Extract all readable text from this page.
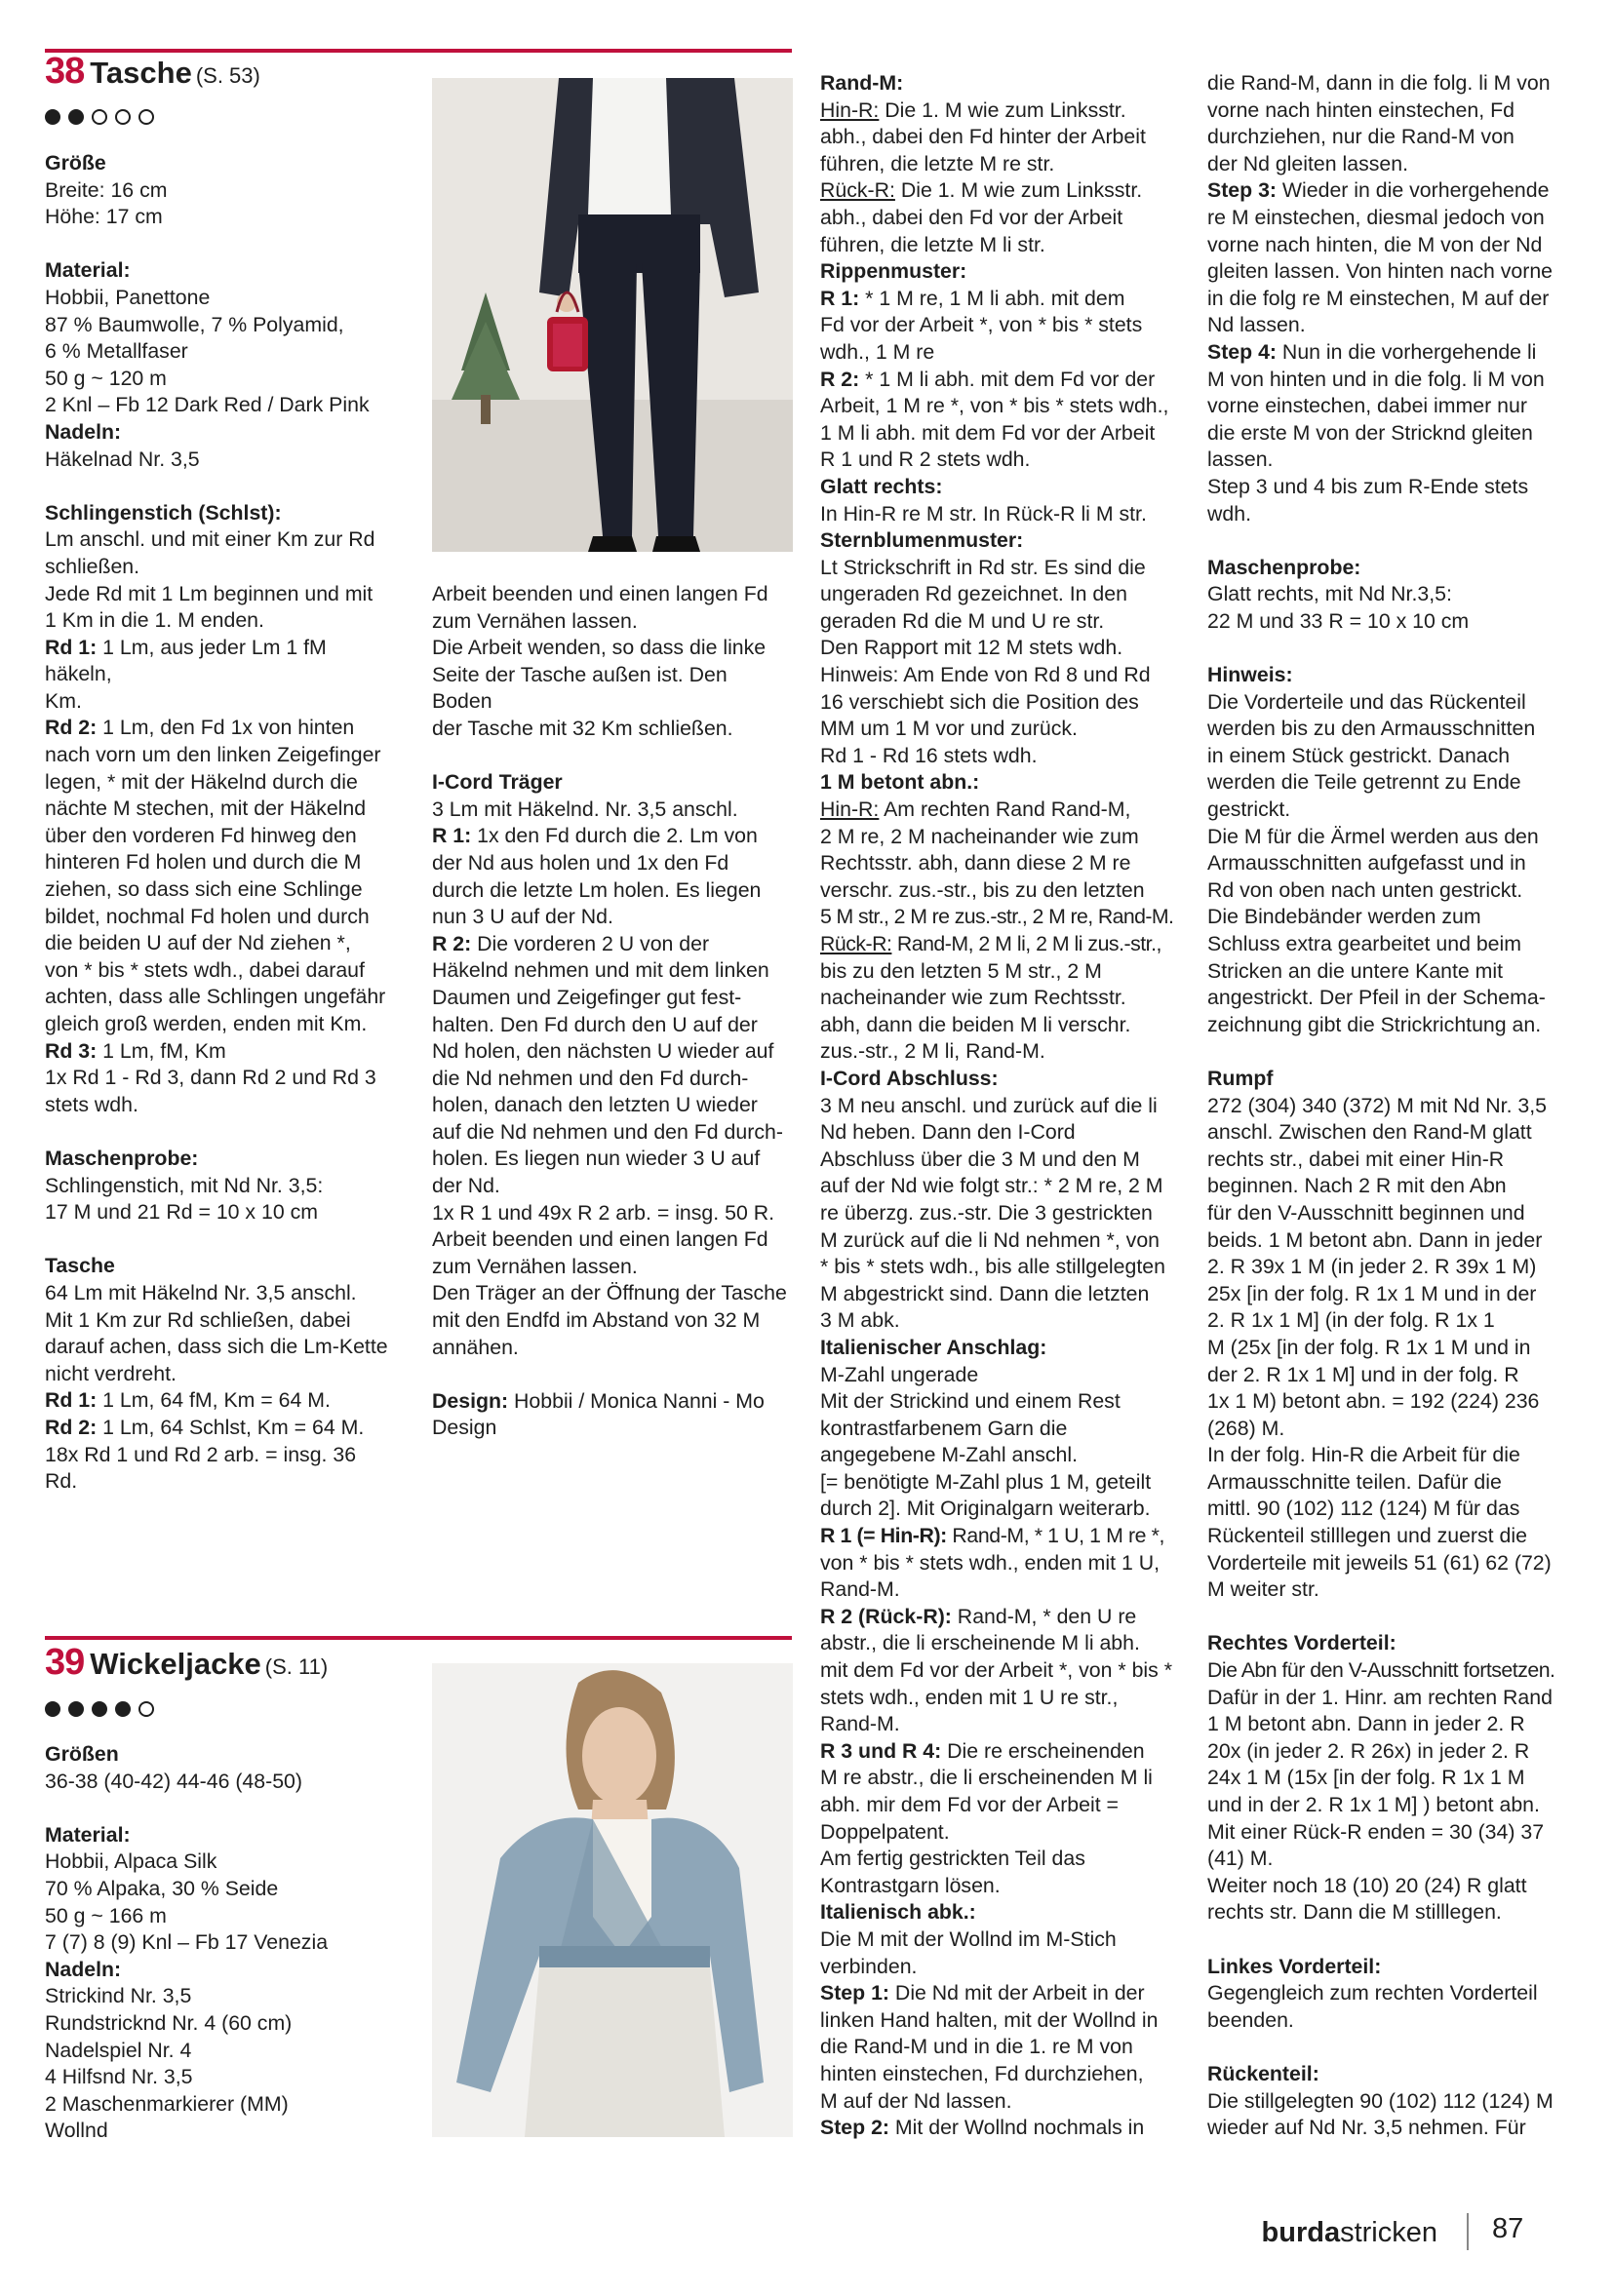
38 Tasche (S. 53)

Größe

Breite: 16 cm

Höhe: 17 cm

Material:

Hobbii, Panettone

87 % Baumwolle, 7 % Polyamid,

6 % Metallfaser

50 g ~ 120 m

2 Knl – Fb 12 Dark Red / Dark Pink

Nadeln:

Häkelnad Nr. 3,5

Schlingenstich (Schlst):

Lm anschl. und mit einer Km zur Rd

schließen.

Jede Rd mit 1 Lm beginnen und mit

1 Km in die 1. M enden.

Rd 1: 1 Lm, aus jeder Lm 1 fM häkeln,

Km.

Rd 2: 1 Lm, den Fd 1x von hinten

nach vorn um den linken Zeigefinger

legen, * mit der Häkelnd durch die

nächte M stechen, mit der Häkelnd

über den vorderen Fd hinweg den

hinteren Fd holen und durch die M

ziehen, so dass sich eine Schlinge

bildet, nochmal Fd holen und durch

die beiden U auf der Nd ziehen *,

von * bis * stets wdh., dabei darauf

achten, dass alle Schlingen ungefähr

gleich groß werden, enden mit Km.

Rd 3: 1 Lm, fM, Km

1x Rd 1 - Rd 3, dann Rd 2 und Rd 3

stets wdh.

Maschenprobe:

Schlingenstich, mit Nd Nr. 3,5:

17 M und 21 Rd = 10 x 10 cm

Tasche

64 Lm mit Häkelnd Nr. 3,5 anschl.

Mit 1 Km zur Rd schließen, dabei

darauf achen, dass sich die Lm-Kette

nicht verdreht.

Rd 1: 1 Lm, 64 fM, Km = 64 M.

Rd 2: 1 Lm, 64 Schlst, Km = 64 M.

18x Rd 1 und Rd 2 arb. = insg. 36

Rd.

Arbeit beenden und einen langen Fd

zum Vernähen lassen.

Die Arbeit wenden, so dass die linke

Seite der Tasche außen ist. Den Boden

der Tasche mit 32 Km schließen.

I-Cord Träger

3 Lm mit Häkelnd. Nr. 3,5 anschl.

R 1: 1x den Fd durch die 2. Lm von

der Nd aus holen und 1x den Fd

durch die letzte Lm holen. Es liegen

nun 3 U auf der Nd.

R 2: Die vorderen 2 U von der

Häkelnd nehmen und mit dem linken

Daumen und Zeigefinger gut fest-

halten. Den Fd durch den U auf der

Nd holen, den nächsten U wieder auf

die Nd nehmen und den Fd durch-

holen, danach den letzten U wieder

auf die Nd nehmen und den Fd durch-

holen. Es liegen nun wieder 3 U auf

der Nd.

1x R 1 und 49x R 2 arb. = insg. 50 R.

Arbeit beenden und einen langen Fd

zum Vernähen lassen.

Den Träger an der Öffnung der Tasche

mit den Endfd im Abstand von 32 M

annähen.

Design: Hobbii / Monica Nanni - Mo

Design

Rand-M:

Hin-R: Die 1. M wie zum Linksstr.

abh., dabei den Fd hinter der Arbeit

führen, die letzte M re str.

Rück-R: Die 1. M wie zum Linksstr.

abh., dabei den Fd vor der Arbeit

führen, die letzte M li str.

Rippenmuster:

R 1: * 1 M re, 1 M li abh. mit dem

Fd vor der Arbeit *, von * bis * stets

wdh., 1 M re

R 2: * 1 M li abh. mit dem Fd vor der

Arbeit, 1 M re *, von * bis * stets wdh.,

1 M li abh. mit dem Fd vor der Arbeit

R 1 und R 2 stets wdh.

Glatt rechts:

In Hin-R re M str. In Rück-R li M str.

Sternblumenmuster:

Lt Strickschrift in Rd str. Es sind die

ungeraden Rd gezeichnet. In den

geraden Rd die M und U re str.

Den Rapport mit 12 M stets wdh.

Hinweis: Am Ende von Rd 8 und Rd

16 verschiebt sich die Position des

MM um 1 M vor und zurück.

Rd 1 - Rd 16 stets wdh.

1 M betont abn.:

Hin-R: Am rechten Rand Rand-M,

2 M re, 2 M nacheinander wie zum

Rechtsstr. abh, dann diese 2 M re

verschr. zus.-str., bis zu den letzten

5 M str., 2 M re zus.-str., 2 M re, Rand-M.

Rück-R: Rand-M, 2 M li, 2 M li zus.-str.,

bis zu den letzten 5 M str., 2 M

nacheinander wie zum Rechtsstr.

abh, dann die beiden M li verschr.

zus.-str., 2 M li, Rand-M.

I-Cord Abschluss:

3 M neu anschl. und zurück auf die li

Nd heben. Dann den I-Cord

Abschluss über die 3 M und den M

auf der Nd wie folgt str.: * 2 M re, 2 M

re überzg. zus.-str. Die 3 gestrickten

M zurück auf die li Nd nehmen *, von

* bis * stets wdh., bis alle stillgelegten

M abgestrickt sind. Dann die letzten

3 M abk.

Italienischer Anschlag:

M-Zahl ungerade

Mit der Strickind und einem Rest

kontrastfarbenem Garn die

angegebene M-Zahl anschl.

[= benötigte M-Zahl plus 1 M, geteilt

durch 2]. Mit Originalgarn weiterarb.

R 1 (= Hin-R): Rand-M, * 1 U, 1 M re *,

von * bis * stets wdh., enden mit 1 U,

Rand-M.

R 2 (Rück-R): Rand-M, * den U re

abstr., die li erscheinende M li abh.

mit dem Fd vor der Arbeit *, von * bis *

stets wdh., enden mit 1 U re str.,

Rand-M.

R 3 und R 4: Die re erscheinenden

M re abstr., die li erscheinenden M li

abh. mir dem Fd vor der Arbeit =

Doppelpatent.

Am fertig gestrickten Teil das

Kontrastgarn lösen.

Italienisch abk.:

Die M mit der Wollnd im M-Stich

verbinden.

Step 1: Die Nd mit der Arbeit in der

linken Hand halten, mit der Wollnd in

die Rand-M und in die 1. re M von

hinten einstechen, Fd durchziehen,

M auf der Nd lassen.

Step 2: Mit der Wollnd nochmals in

die Rand-M, dann in die folg. li M von

vorne nach hinten einstechen, Fd

durchziehen, nur die Rand-M von

der Nd gleiten lassen.

Step 3: Wieder in die vorhergehende

re M einstechen, diesmal jedoch von

vorne nach hinten, die M von der Nd

gleiten lassen. Von hinten nach vorne

in die folg re M einstechen, M auf der

Nd lassen.

Step 4: Nun in die vorhergehende li

M von hinten und in die folg. li M von

vorne einstechen, dabei immer nur

die erste M von der Stricknd gleiten

lassen.

Step 3 und 4 bis zum R-Ende stets

wdh.

Maschenprobe:

Glatt rechts, mit Nd Nr.3,5:

22 M und 33 R = 10 x 10 cm

Hinweis:

Die Vorderteile und das Rückenteil

werden bis zu den Armausschnitten

in einem Stück gestrickt. Danach

werden die Teile getrennt zu Ende

gestrickt.

Die M für die Ärmel werden aus den

Armausschnitten aufgefasst und in

Rd von oben nach unten gestrickt.

Die Bindebänder werden zum

Schluss extra gearbeitet und beim

Stricken an die untere Kante mit

angestrickt. Der Pfeil in der Schema-

zeichnung gibt die Strickrichtung an.

Rumpf

272 (304) 340 (372) M mit Nd Nr. 3,5

anschl. Zwischen den Rand-M glatt

rechts str., dabei mit einer Hin-R

beginnen. Nach 2 R mit den Abn

für den V-Ausschnitt beginnen und

beids. 1 M betont abn. Dann in jeder

2. R 39x 1 M (in jeder 2. R 39x 1 M)

25x [in der folg. R 1x 1 M und in der

2. R 1x 1 M] (in der folg. R 1x 1

M (25x [in der folg. R 1x 1 M und in

der 2. R 1x 1 M] und in der folg. R

1x 1 M) betont abn. = 192 (224) 236

(268) M.

In der folg. Hin-R die Arbeit für die

Armausschnitte teilen. Dafür die

mittl. 90 (102) 112 (124) M für das

Rückenteil stilllegen und zuerst die

Vorderteile mit jeweils 51 (61) 62 (72)

M weiter str.

Rechtes Vorderteil:

Die Abn für den V-Ausschnitt fortsetzen.

Dafür in der 1. Hinr. am rechten Rand

1 M betont abn. Dann in jeder 2. R

20x (in jeder 2. R 26x) in jeder 2. R

24x 1 M (15x [in der folg. R 1x 1 M

und in der 2. R 1x 1 M] ) betont abn.

Mit einer Rück-R enden = 30 (34) 37

(41) M.

Weiter noch 18 (10) 20 (24) R glatt

rechts str. Dann die M stilllegen.

Linkes Vorderteil:

Gegengleich zum rechten Vorderteil

beenden.

Rückenteil:

Die stillgelegten 90 (102) 112 (124) M

wieder auf Nd Nr. 3,5 nehmen. Für

39 Wickeljacke (S. 11)

Größen

36-38 (40-42) 44-46 (48-50)

Material:

Hobbii, Alpaca Silk

70 % Alpaka, 30 % Seide

50 g ~ 166 m

7 (7) 8 (9) Knl – Fb 17 Venezia

Nadeln:

Strickind Nr. 3,5

Rundstricknd Nr. 4 (60 cm)

Nadelspiel Nr. 4

4 Hilfsnd Nr. 3,5

2 Maschenmarkierer (MM)

Wollnd

burdastricken 87
